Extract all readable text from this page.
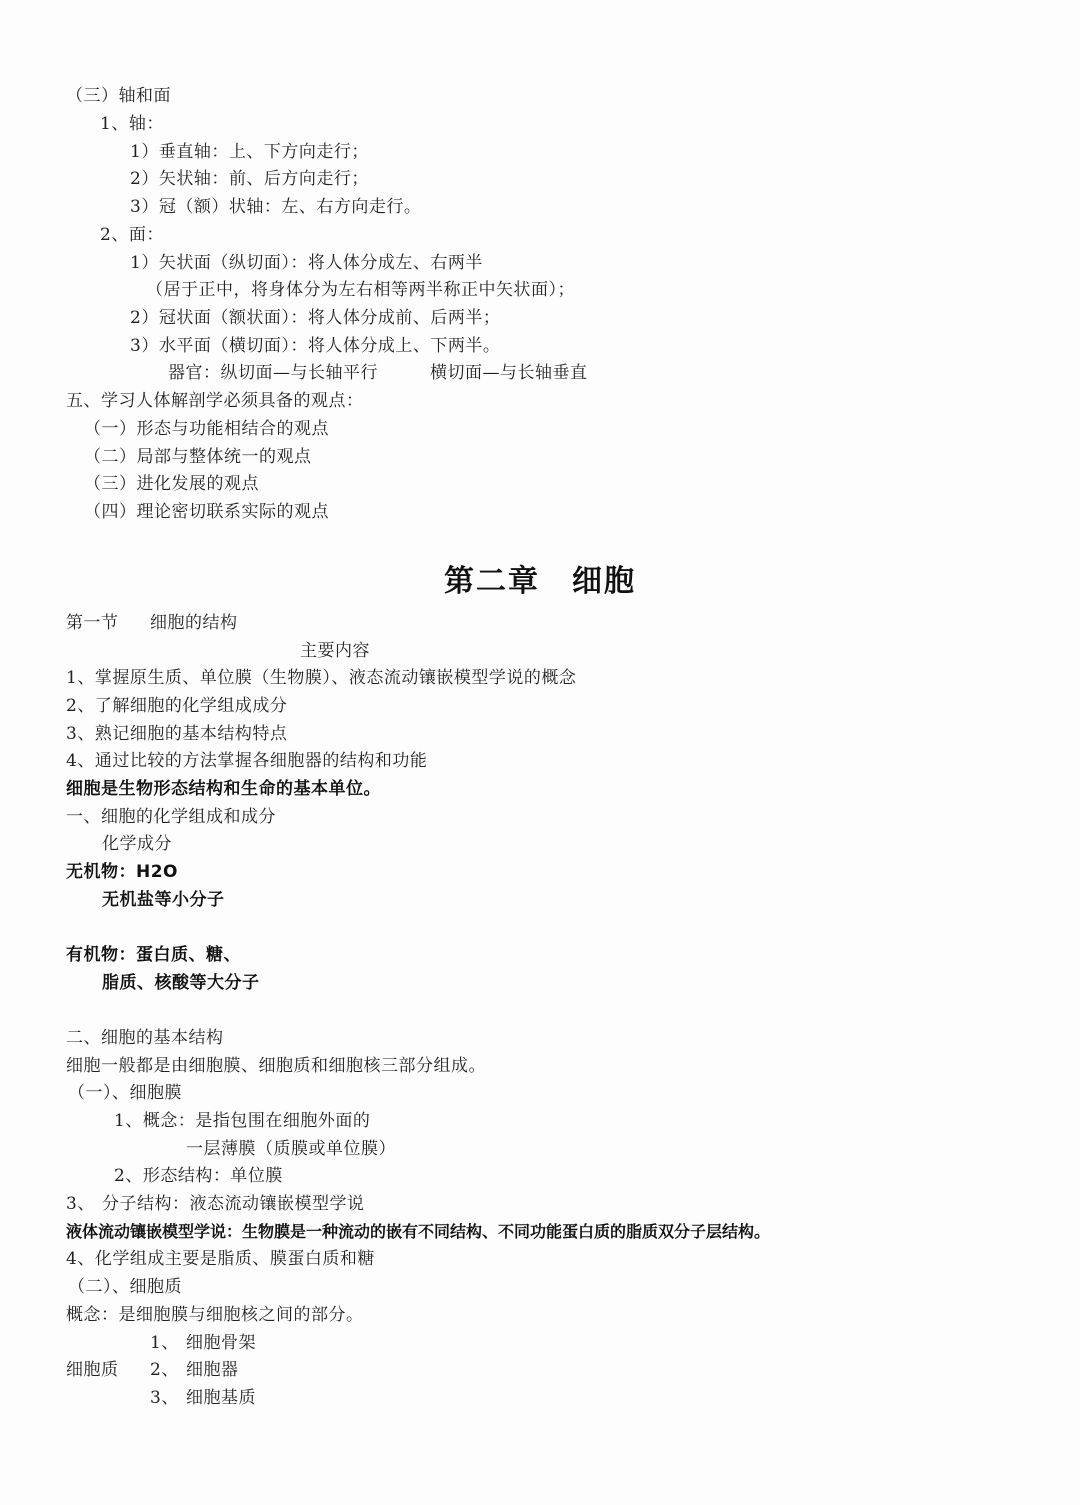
（三）轴和面
1、轴：
1）垂直轴：上、下方向走行；
2）矢状轴：前、后方向走行；
3）冠（额）状轴：左、右方向走行。
2、面：
1）矢状面（纵切面）：将人体分成左、右两半
（居于正中，将身体分为左右相等两半称正中矢状面）；
2）冠状面（额状面）：将人体分成前、后两半；
3）水平面（横切面）：将人体分成上、下两半。
器官：纵切面—与长轴平行	横切面—与长轴垂直
五、学习人体解剖学必须具备的观点：
（一）形态与功能相结合的观点
（二）局部与整体统一的观点
（三）进化发展的观点
（四）理论密切联系实际的观点
第二章　细胞
第一节 细胞的结构
主要内容
1、掌握原生质、单位膜（生物膜）、液态流动镶嵌模型学说的概念
2、了解细胞的化学组成成分
3、熟记细胞的基本结构特点
4、通过比较的方法掌握各细胞器的结构和功能
细胞是生物形态结构和生命的基本单位。
一、细胞的化学组成和成分
化学成分
无机物：H2O
无机盐等小分子
有机物：蛋白质、糖、
脂质、核酸等大分子
二、细胞的基本结构
细胞一般都是由细胞膜、细胞质和细胞核三部分组成。
（一）、细胞膜
1、概念：是指包围在细胞外面的
一层薄膜（质膜或单位膜）
2、形态结构：单位膜
3、 分子结构：液态流动镶嵌模型学说
液体流动镶嵌模型学说：生物膜是一种流动的嵌有不同结构、不同功能蛋白质的脂质双分子层结构。
4、化学组成主要是脂质、膜蛋白质和糖
（二）、细胞质
概念：是细胞膜与细胞核之间的部分。
1、 细胞骨架
细胞质 2、 细胞器
3、 细胞基质
